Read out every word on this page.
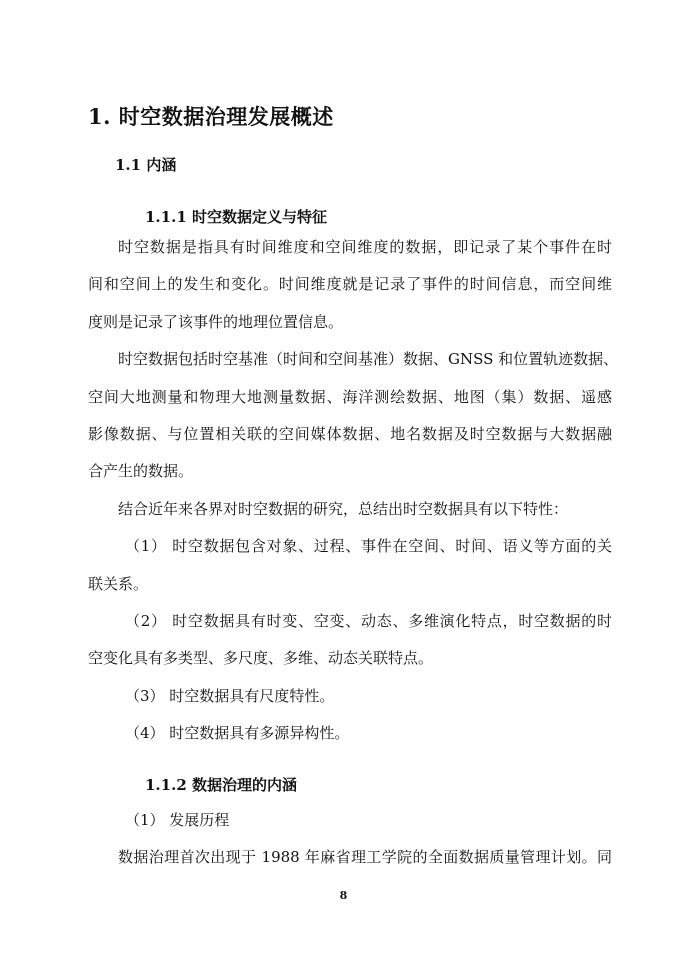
1. 时空数据治理发展概述
1.1 内涵
1.1.1 时空数据定义与特征
时空数据是指具有时间维度和空间维度的数据，即记录了某个事件在时
间和空间上的发生和变化。时间维度就是记录了事件的时间信息，而空间维
度则是记录了该事件的地理位置信息。
时空数据包括时空基准（时间和空间基准）数据、GNSS 和位置轨迹数据、
空间大地测量和物理大地测量数据、海洋测绘数据、地图（集）数据、遥感
影像数据、与位置相关联的空间媒体数据、地名数据及时空数据与大数据融
合产生的数据。
结合近年来各界对时空数据的研究，总结出时空数据具有以下特性：
（1） 时空数据包含对象、过程、事件在空间、时间、语义等方面的关
联关系。
（2） 时空数据具有时变、空变、动态、多维演化特点，时空数据的时
空变化具有多类型、多尺度、多维、动态关联特点。
（3） 时空数据具有尺度特性。
（4） 时空数据具有多源异构性。
1.1.2 数据治理的内涵
（1） 发展历程
数据治理首次出现于 1988 年麻省理工学院的全面数据质量管理计划。同
8
